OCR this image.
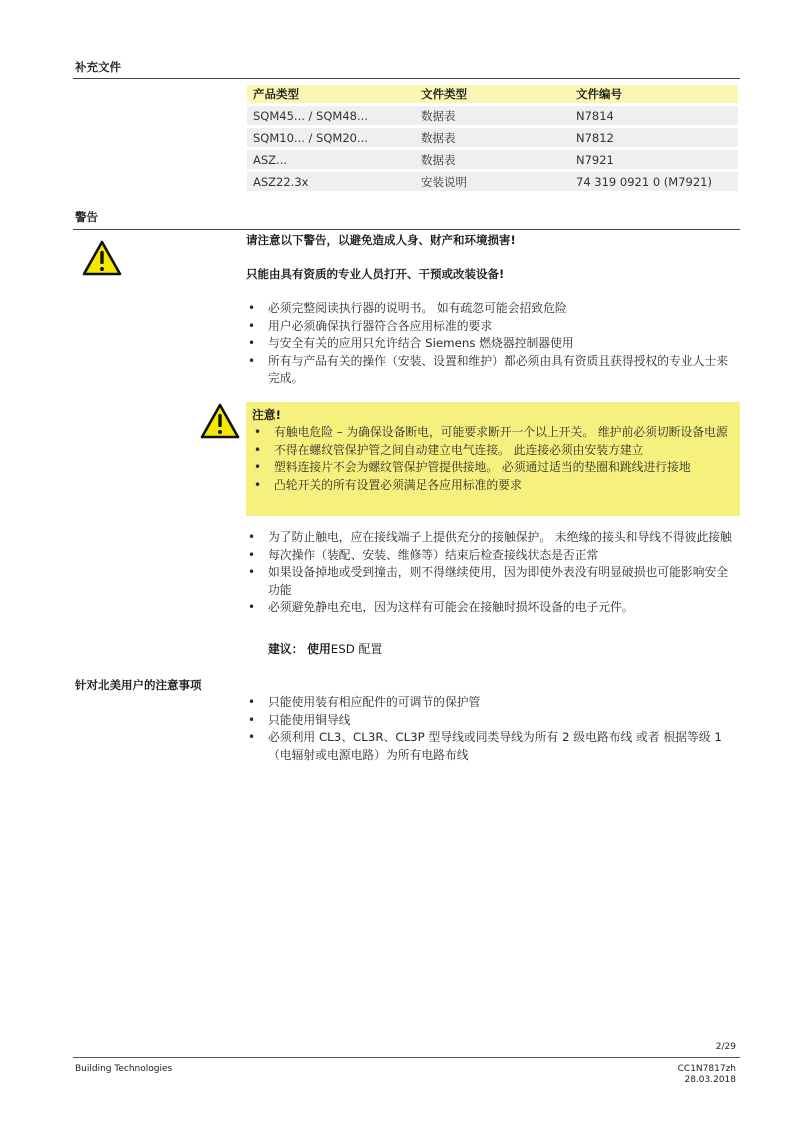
补充文件
产品类型	文件类型	文件编号
SQM45... / SQM48...	数据表	N7814
SQM10... / SQM20...	数据表	N7812
ASZ...	数据表	N7921
ASZ22.3x	安装说明	74 319 0921 0 (M7921)
警告
请注意以下警告，以避免造成人身、财产和环境损害!
只能由具有资质的专业人员打开、干预或改装设备!
• 必须完整阅读执行器的说明书。 如有疏忽可能会招致危险
• 用户必须确保执行器符合各应用标准的要求
• 与安全有关的应用只允许结合 Siemens 燃烧器控制器使用
• 所有与产品有关的操作（安装、设置和维护）都必须由具有资质且获得授权的专业人士来完成。
注意!
• 有触电危险 – 为确保设备断电，可能要求断开一个以上开关。 维护前必须切断设备电源
• 不得在螺纹管保护管之间自动建立电气连接。 此连接必须由安装方建立
• 塑料连接片不会为螺纹管保护管提供接地。 必须通过适当的垫圈和跳线进行接地
• 凸轮开关的所有设置必须满足各应用标准的要求
• 为了防止触电，应在接线端子上提供充分的接触保护。 未绝缘的接头和导线不得彼此接触
• 每次操作（装配、安装、维修等）结束后检查接线状态是否正常
• 如果设备掉地或受到撞击，则不得继续使用，因为即使外表没有明显破损也可能影响安全功能
• 必须避免静电充电，因为这样有可能会在接触时损坏设备的电子元件。
建议： 使用ESD 配置
针对北美用户的注意事项
• 只能使用装有相应配件的可调节的保护管
• 只能使用铜导线
• 必须利用 CL3、CL3R、CL3P 型导线或同类导线为所有 2 级电路布线 或者 根据等级 1（电辐射或电源电路）为所有电路布线
2/29
Building Technologies	CC1N7817zh
28.03.2018
